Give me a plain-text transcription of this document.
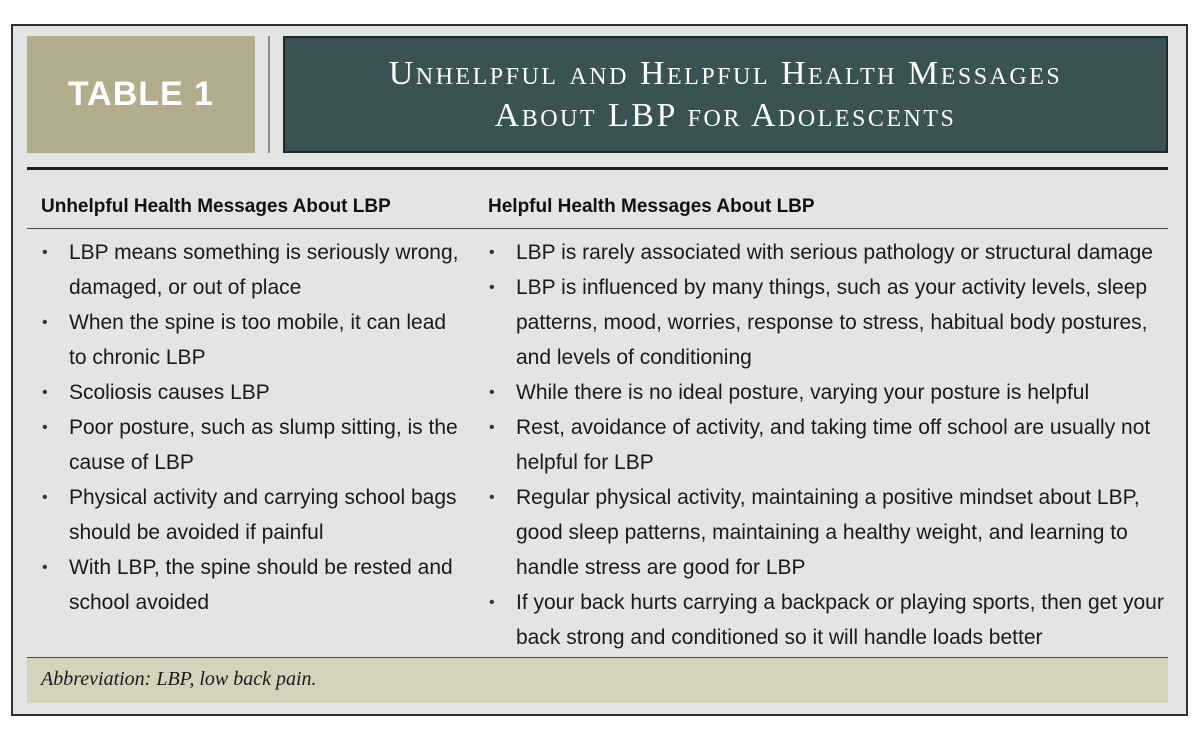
TABLE 1
Unhelpful and Helpful Health Messages
About LBP for Adolescents
Unhelpful Health Messages About LBP	Helpful Health Messages About LBP
• LBP means something is seriously wrong, damaged, or out of place
• When the spine is too mobile, it can lead to chronic LBP
• Scoliosis causes LBP
• Poor posture, such as slump sitting, is the cause of LBP
• Physical activity and carrying school bags should be avoided if painful
• With LBP, the spine should be rested and school avoided
• LBP is rarely associated with serious pathology or structural damage
• LBP is influenced by many things, such as your activity levels, sleep patterns, mood, worries, response to stress, habitual body postures, and levels of conditioning
• While there is no ideal posture, varying your posture is helpful
• Rest, avoidance of activity, and taking time off school are usually not helpful for LBP
• Regular physical activity, maintaining a positive mindset about LBP, good sleep patterns, maintaining a healthy weight, and learning to handle stress are good for LBP
• If your back hurts carrying a backpack or playing sports, then get your back strong and conditioned so it will handle loads better
Abbreviation: LBP, low back pain.
